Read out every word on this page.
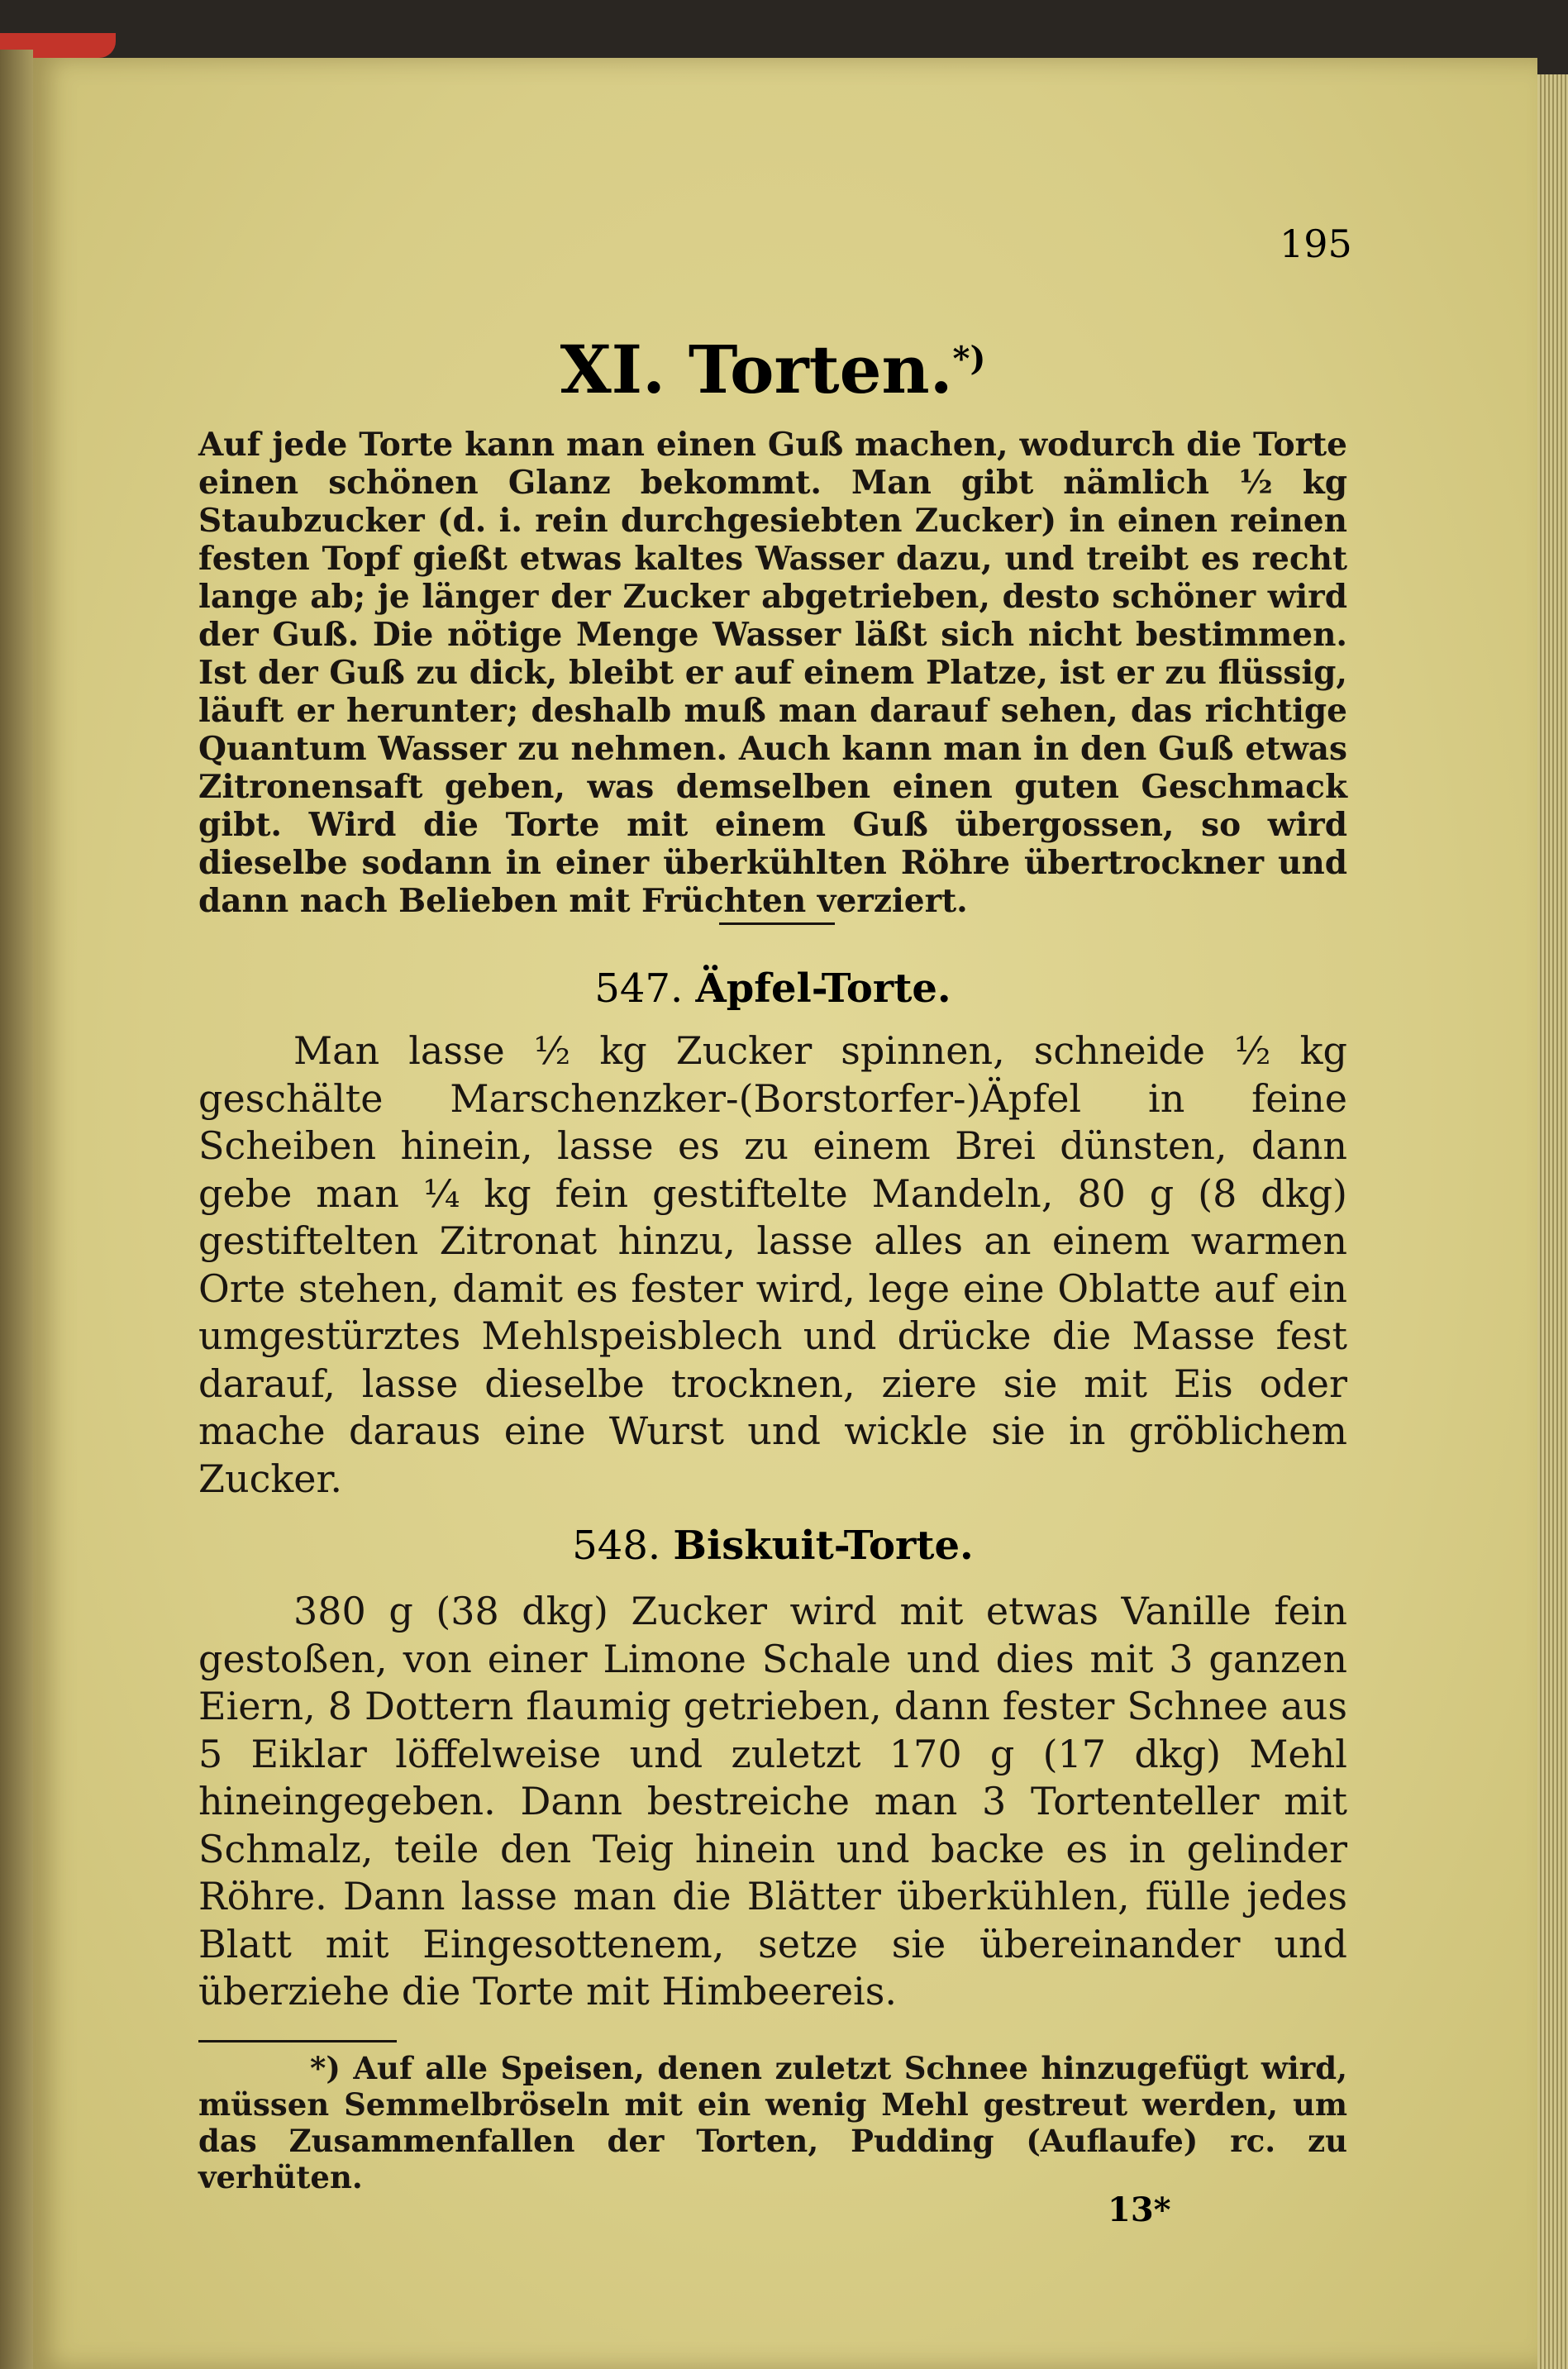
195
XI. Torten.*)
Auf jede Torte kann man einen Guß machen, wodurch die Torte einen schönen Glanz bekommt. Man gibt nämlich ½ kg Staubzucker (d. i. rein durchgesiebten Zucker) in einen reinen festen Topf gießt etwas kaltes Wasser dazu, und treibt es recht lange ab; je länger der Zucker abgetrieben, desto schöner wird der Guß. Die nötige Menge Wasser läßt sich nicht bestimmen. Ist der Guß zu dick, bleibt er auf einem Platze, ist er zu flüssig, läuft er herunter; deshalb muß man darauf sehen, das richtige Quantum Wasser zu nehmen. Auch kann man in den Guß etwas Zitronensaft geben, was demselben einen guten Geschmack gibt. Wird die Torte mit einem Guß übergossen, so wird dieselbe sodann in einer überkühlten Röhre übertrockner und dann nach Belieben mit Früchten verziert.
547. Äpfel-Torte.

Man lasse ½ kg Zucker spinnen, schneide ½ kg geschälte Marschenzker-(Borstorfer-)Äpfel in feine Scheiben hinein, lasse es zu einem Brei dünsten, dann gebe man ¼ kg fein gestiftelte Mandeln, 80 g (8 dkg) gestiftelten Zitronat hinzu, lasse alles an einem warmen Orte stehen, damit es fester wird, lege eine Oblatte auf ein umgestürztes Mehlspeisblech und drücke die Masse fest darauf, lasse dieselbe trocknen, ziere sie mit Eis oder mache daraus eine Wurst und wickle sie in gröblichem Zucker.

548. Biskuit-Torte.

380 g (38 dkg) Zucker wird mit etwas Vanille fein gestoßen, von einer Limone Schale und dies mit 3 ganzen Eiern, 8 Dottern flaumig getrieben, dann fester Schnee aus 5 Eiklar löffelweise und zuletzt 170 g (17 dkg) Mehl hineingegeben. Dann bestreiche man 3 Tortenteller mit Schmalz, teile den Teig hinein und backe es in gelinder Röhre. Dann lasse man die Blätter überkühlen, fülle jedes Blatt mit Eingesottenem, setze sie übereinander und überziehe die Torte mit Himbeereis.

*) Auf alle Speisen, denen zuletzt Schnee hinzugefügt wird, müssen Semmelbröseln mit ein wenig Mehl gestreut werden, um das Zusammenfallen der Torten, Pudding (Auflaufe) rc. zu verhüten.

13*
